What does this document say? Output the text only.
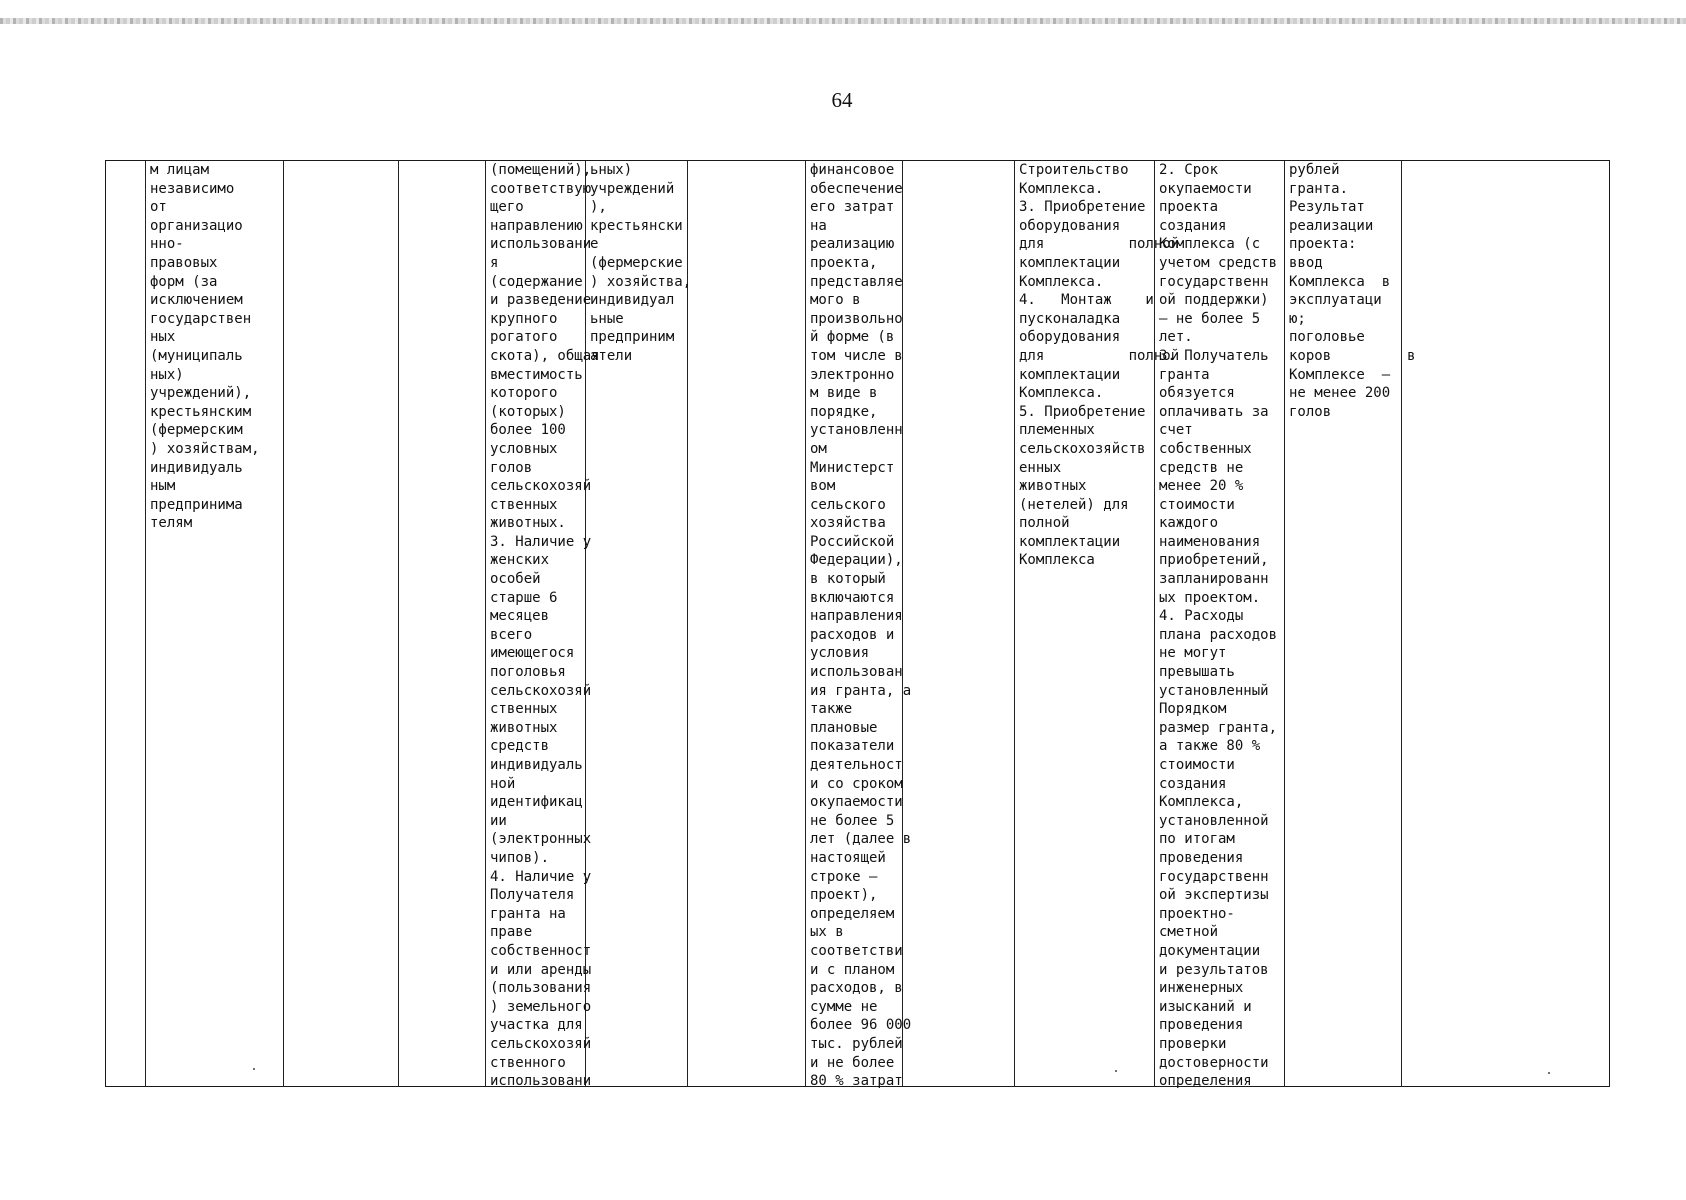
64
м лицам
независимо
от
организацио
нно-
правовых
форм (за
исключением
государствен
ных
(муниципаль
ных)
учреждений),
крестьянским
(фермерским
) хозяйствам,
индивидуаль
ным
предпринима
телям
(помещений),
соответствую
щего
направлению
использовани
я
(содержание
и разведение
крупного
рогатого
скота), общая
вместимость
которого
(которых)
более 100
условных
голов
сельскохозяй
ственных
животных.
3. Наличие у
женских
особей
старше 6
месяцев
всего
имеющегося
поголовья
сельскохозяй
ственных
животных
средств
индивидуаль
ной
идентификац
ии
(электронных
чипов).
4. Наличие у
Получателя
гранта на
праве
собственност
и или аренды
(пользования
) земельного
участка для
сельскохозяй
ственного
использовани
ьных)
учреждений
),
крестьянски
е
(фермерские
) хозяйства,
индивидуал
ьные
предприним
атели
финансовое
обеспечение
его затрат
на
реализацию
проекта,
представляе
мого в
произвольно
й форме (в
том числе в
электронно
м виде в
порядке,
установленн
ом
Министерст
вом
сельского
хозяйства
Российской
Федерации),
в который
включаются
направления
расходов и
условия
использован
ия гранта, а
также
плановые
показатели
деятельност
и со сроком
окупаемости
не более 5
лет (далее в
настоящей
строке –
проект),
определяем
ых в
соответстви
и с планом
расходов, в
сумме не
более 96 000
тыс. рублей
и не более
80 % затрат
Строительство
Комплекса.
3. Приобретение
оборудования
для          полной
комплектации
Комплекса.
4.   Монтаж    и
пусконаладка
оборудования
для          полной
комплектации
Комплекса.
5. Приобретение
племенных
сельскохозяйств
енных
животных
(нетелей) для
полной
комплектации
Комплекса
2. Срок
окупаемости
проекта
создания
Комплекса (с
учетом средств
государственн
ой поддержки)
– не более 5
лет.
3. Получатель
гранта
обязуется
оплачивать за
счет
собственных
средств не
менее 20 %
стоимости
каждого
наименования
приобретений,
запланированн
ых проектом.
4. Расходы
плана расходов
не могут
превышать
установленный
Порядком
размер гранта,
а также 80 %
стоимости
создания
Комплекса,
установленной
по итогам
проведения
государственн
ой экспертизы
проектно-
сметной
документации
и результатов
инженерных
изысканий и
проведения
проверки
достоверности
определения
рублей
гранта.
Результат
реализации
проекта:
ввод
Комплекса  в
эксплуатаци
ю;
поголовье
коров         в
Комплексе  –
не менее 200
голов
